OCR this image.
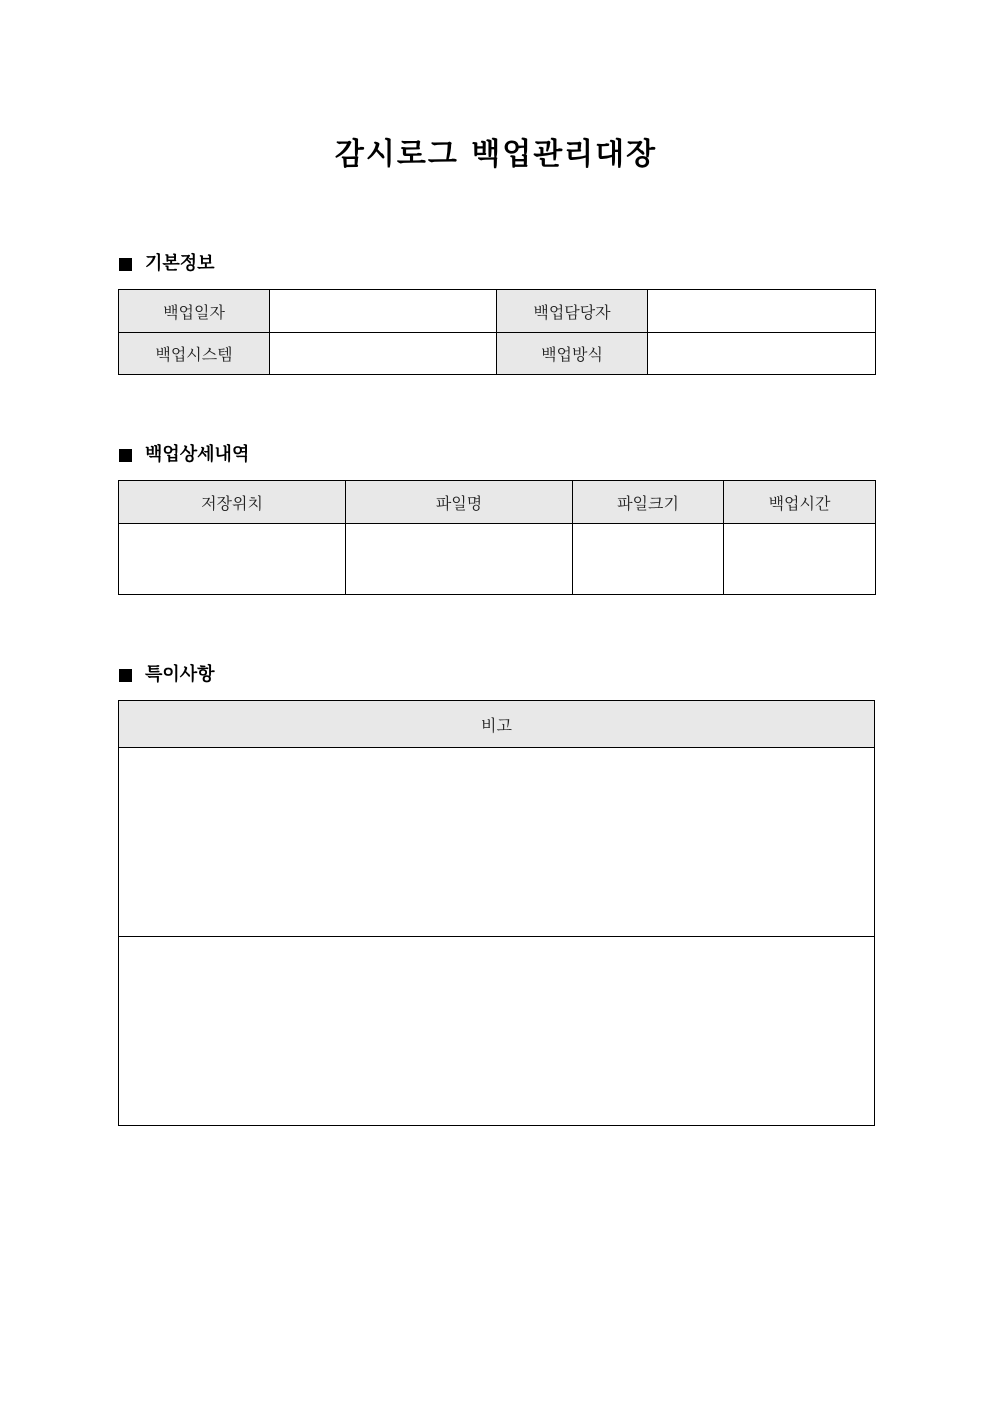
감시로그 백업관리대장
기본정보
백업일자		백업담당자	
백업시스템		백업방식	
백업상세내역
저장위치	파일명	파일크기	백업시간

특이사항
비고
